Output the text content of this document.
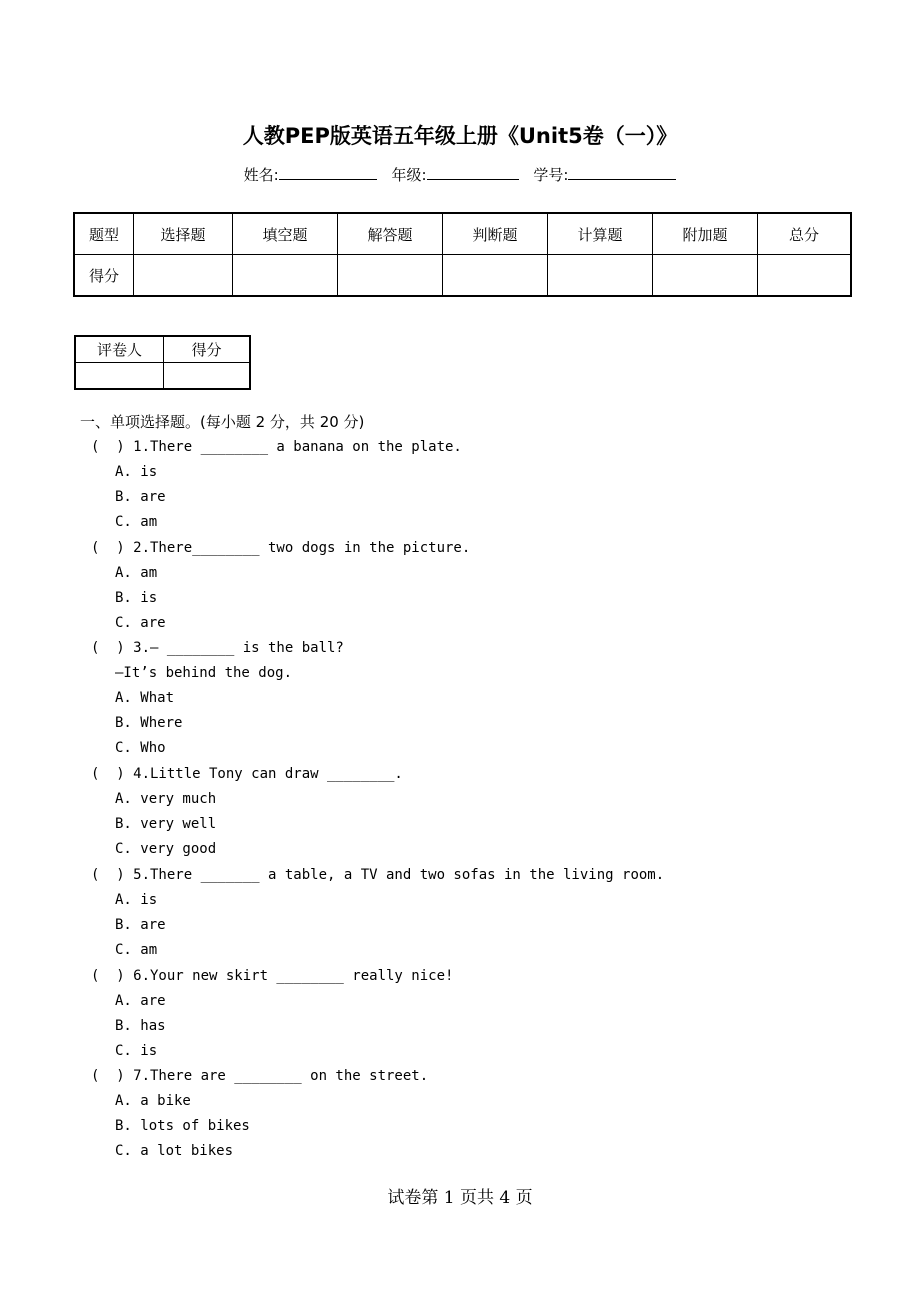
人教PEP版英语五年级上册《Unit5卷（一）》
姓名:	年级:	学号:
题型	选择题	填空题	解答题	判断题	计算题	附加题	总分
得分							
评卷人	得分

一、单项选择题。(每小题 2 分，共 20 分)
(  ) 1.There ________ a banana on the plate.
A. is
B. are
C. am
(  ) 2.There________ two dogs in the picture.
A. am
B. is
C. are
(  ) 3.— ________ is the ball?
—It’s behind the dog.
A. What
B. Where
C. Who
(  ) 4.Little Tony can draw ________.
A. very much
B. very well
C. very good
(  ) 5.There _______ a table, a TV and two sofas in the living room.
A. is
B. are
C. am
(  ) 6.Your new skirt ________ really nice!
A. are
B. has
C. is
(  ) 7.There are ________ on the street.
A. a bike
B. lots of bikes
C. a lot bikes
试卷第 1 页共 4 页
